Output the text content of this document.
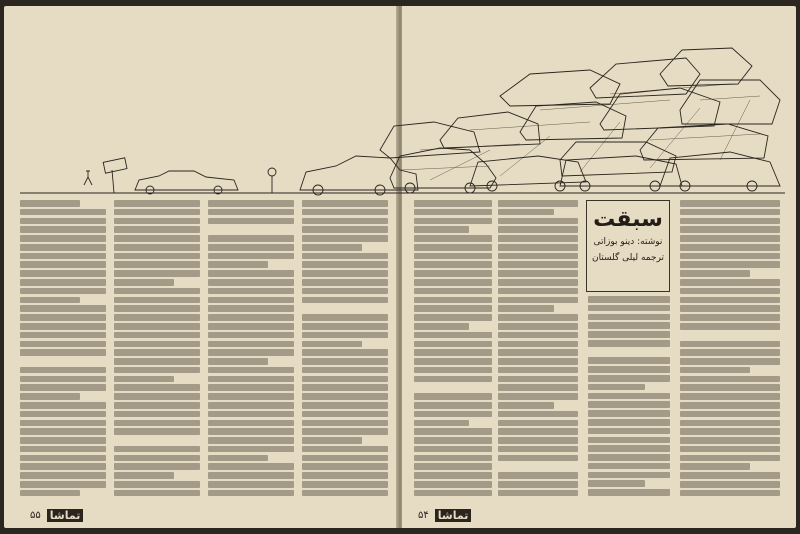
سبقت
نوشته: دینو بوزاتی
ترجمه لیلی گلستان
۵۵ تماشا	۵۴ تماشا
